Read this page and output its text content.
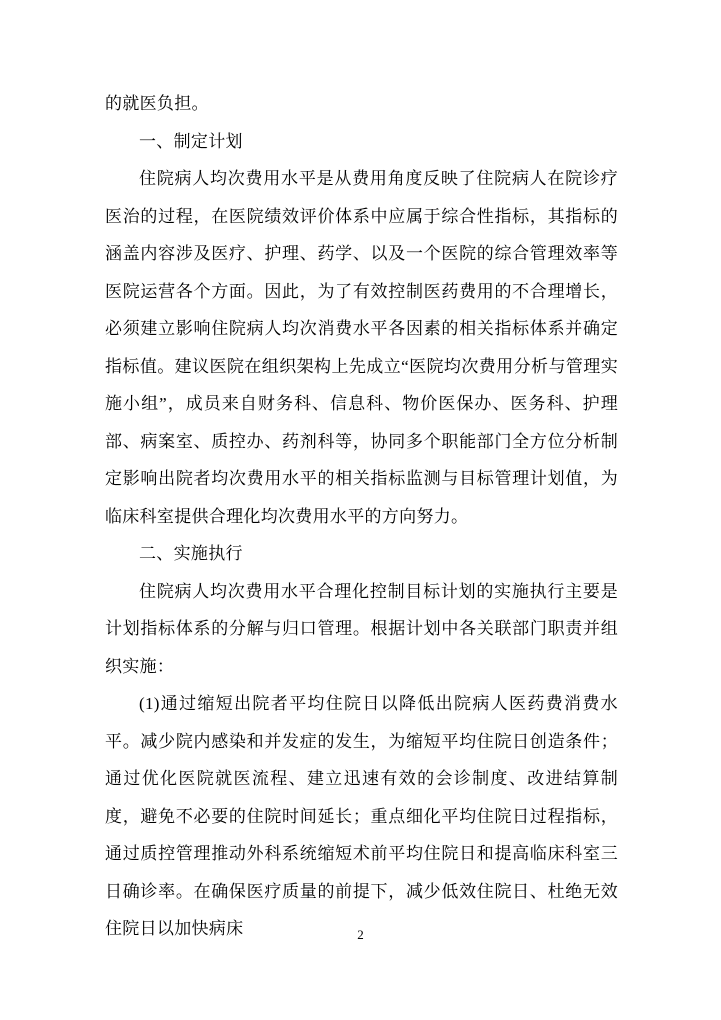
的就医负担。

一、制定计划

住院病人均次费用水平是从费用角度反映了住院病人在院诊疗医治的过程，在医院绩效评价体系中应属于综合性指标，其指标的涵盖内容涉及医疗、护理、药学、以及一个医院的综合管理效率等医院运营各个方面。因此，为了有效控制医药费用的不合理增长，必须建立影响住院病人均次消费水平各因素的相关指标体系并确定指标值。建议医院在组织架构上先成立“医院均次费用分析与管理实施小组”，成员来自财务科、信息科、物价医保办、医务科、护理部、病案室、质控办、药剂科等，协同多个职能部门全方位分析制定影响出院者均次费用水平的相关指标监测与目标管理计划值，为临床科室提供合理化均次费用水平的方向努力。

二、实施执行

住院病人均次费用水平合理化控制目标计划的实施执行主要是计划指标体系的分解与归口管理。根据计划中各关联部门职责并组织实施：

(1)通过缩短出院者平均住院日以降低出院病人医药费消费水平。减少院内感染和并发症的发生，为缩短平均住院日创造条件；通过优化医院就医流程、建立迅速有效的会诊制度、改进结算制度，避免不必要的住院时间延长；重点细化平均住院日过程指标，通过质控管理推动外科系统缩短术前平均住院日和提高临床科室三日确诊率。在确保医疗质量的前提下，减少低效住院日、杜绝无效住院日以加快病床	2
